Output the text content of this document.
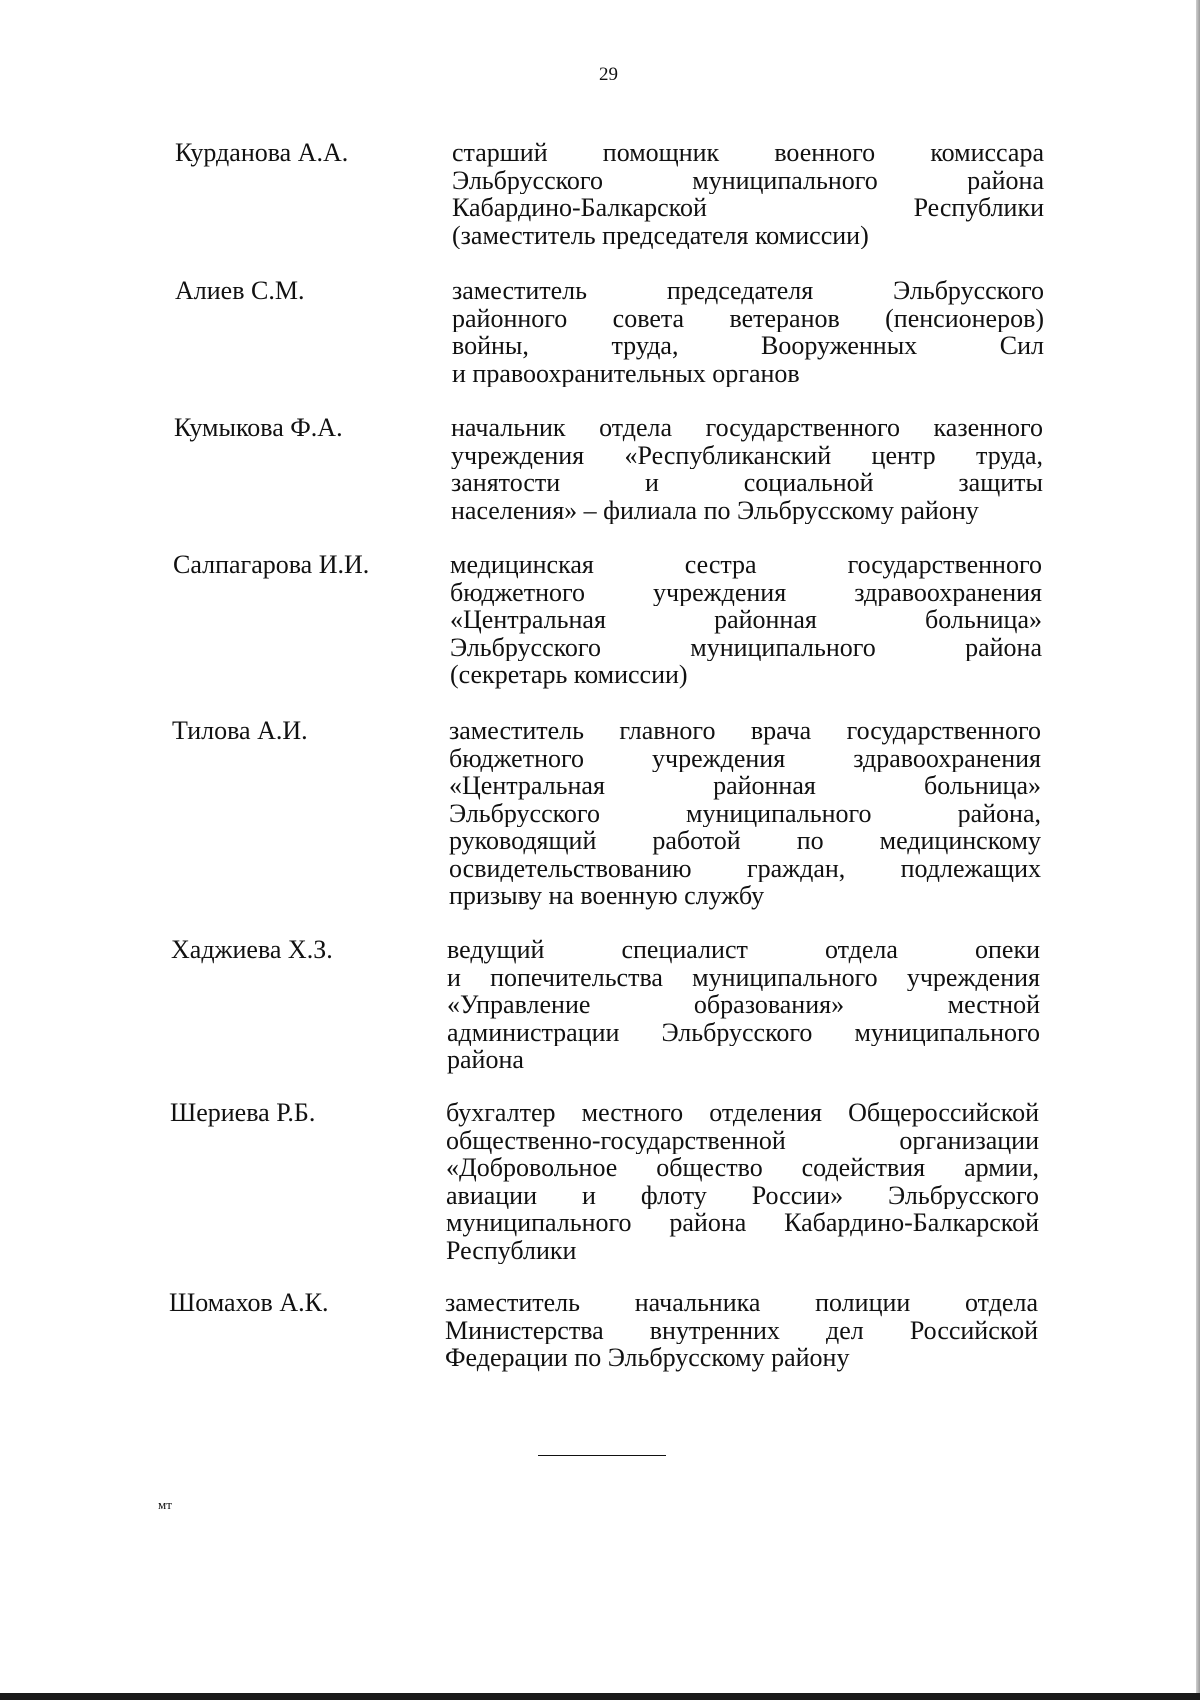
29
Курданова А.А.	старший помощник военного комиссара
Эльбрусского муниципального района
Кабардино-Балкарской Республики
(заместитель председателя комиссии)
Алиев С.М.	заместитель председателя Эльбрусского
районного совета ветеранов (пенсионеров)
войны, труда, Вооруженных Сил
и правоохранительных органов
Кумыкова Ф.А.	начальник отдела государственного казенного
учреждения «Республиканский центр труда,
занятости и социальной защиты
населения» – филиала по Эльбрусскому району
Салпагарова И.И.	медицинская сестра государственного
бюджетного учреждения здравоохранения
«Центральная районная больница»
Эльбрусского муниципального района
(секретарь комиссии)
Тилова А.И.	заместитель главного врача государственного
бюджетного учреждения здравоохранения
«Центральная районная больница»
Эльбрусского муниципального района,
руководящий работой по медицинскому
освидетельствованию граждан, подлежащих
призыву на военную службу
Хаджиева Х.З.	ведущий специалист отдела опеки
и попечительства муниципального учреждения
«Управление образования» местной
администрации Эльбрусского муниципального
района
Шериева Р.Б.	бухгалтер местного отделения Общероссийской
общественно-государственной организации
«Добровольное общество содействия армии,
авиации и флоту России» Эльбрусского
муниципального района Кабардино-Балкарской
Республики
Шомахов А.К.	заместитель начальника полиции отдела
Министерства внутренних дел Российской
Федерации по Эльбрусскому району
мт
